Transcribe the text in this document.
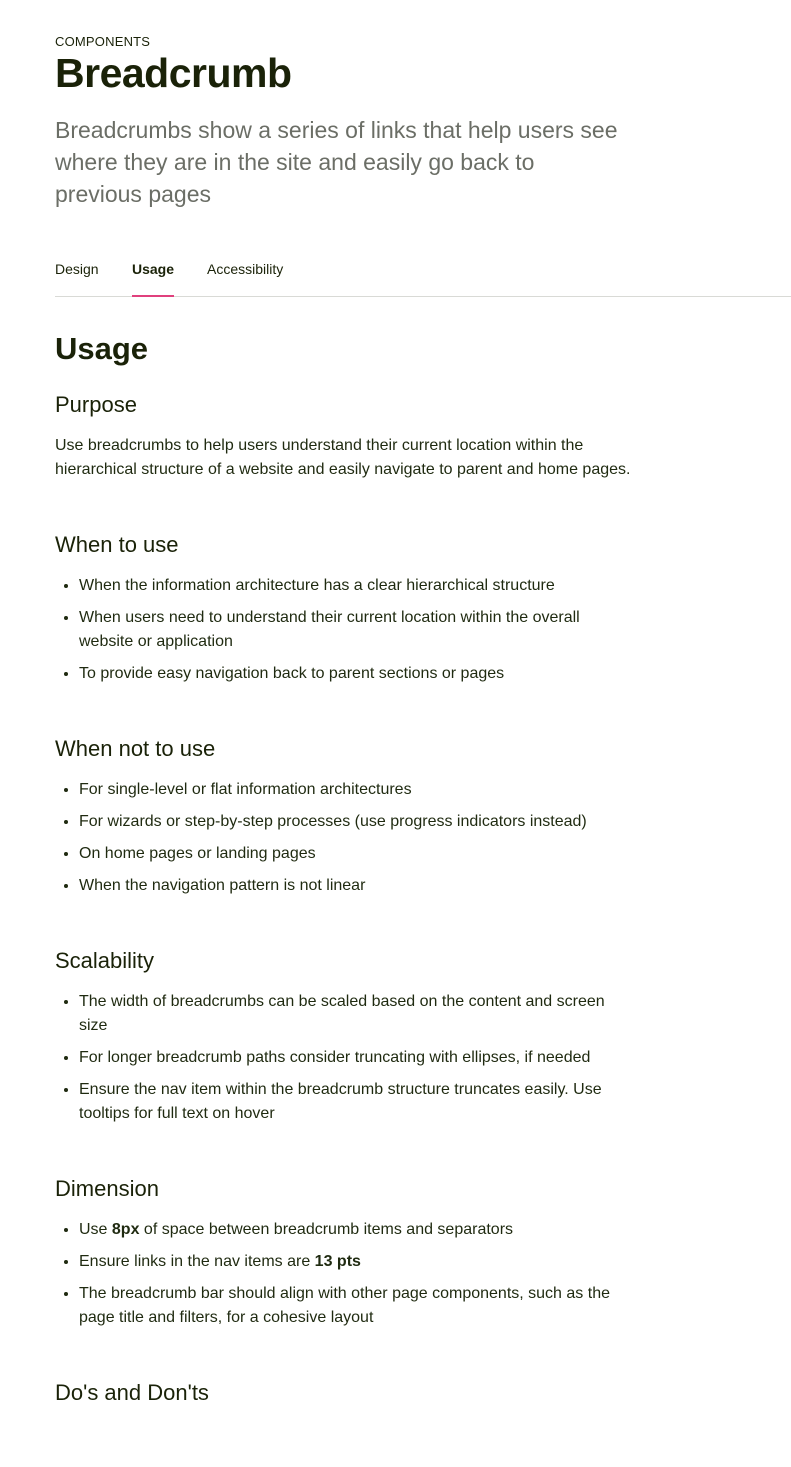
COMPONENTS
Breadcrumb

Breadcrumbs show a series of links that help users see where they are in the site and easily go back to previous pages

Design Usage Accessibility
Usage
Purpose

Use breadcrumbs to help users understand their current location within the hierarchical structure of a website and easily navigate to parent and home pages.

When to use
• When the information architecture has a clear hierarchical structure
• When users need to understand their current location within the overall website or application
• To provide easy navigation back to parent sections or pages
When not to use
• For single-level or flat information architectures
• For wizards or step-by-step processes (use progress indicators instead)
• On home pages or landing pages
• When the navigation pattern is not linear
Scalability
• The width of breadcrumbs can be scaled based on the content and screen size
• For longer breadcrumb paths consider truncating with ellipses, if needed
• Ensure the nav item within the breadcrumb structure truncates easily. Use tooltips for full text on hover
Dimension
• Use 8px of space between breadcrumb items and separators
• Ensure links in the nav items are 13 pts
• The breadcrumb bar should align with other page components, such as the page title and filters, for a cohesive layout
Do's and Don'ts
